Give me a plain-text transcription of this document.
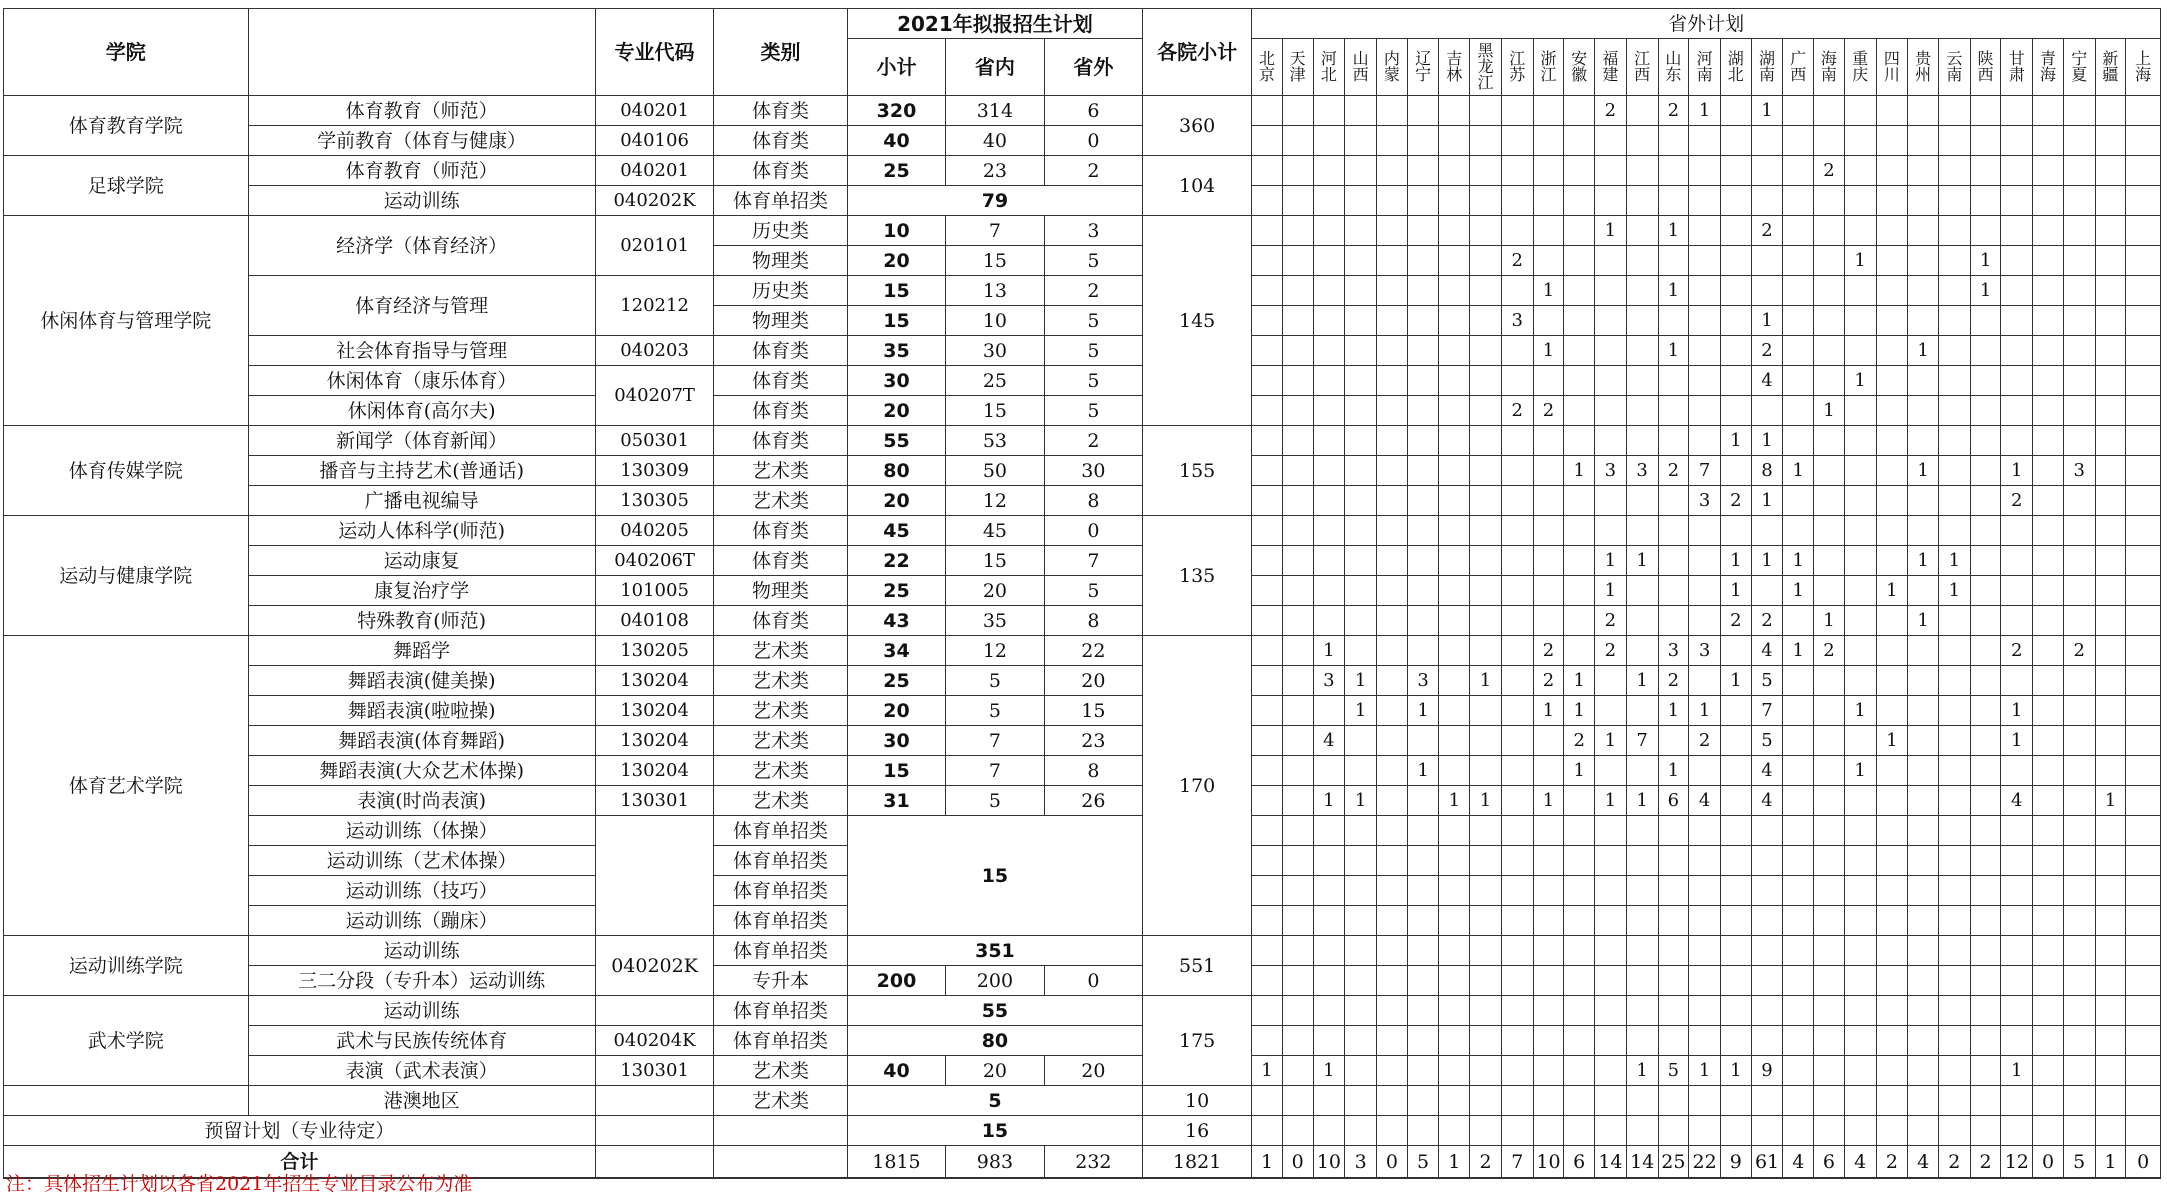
学院		专业代码	类别	2021年拟报招生计划			各院小计	省外计划																												
				小计	省内	省外		北京	天津	河北	山西	内蒙	辽宁	吉林	黑龙江	江苏	浙江	安徽	福建	江西	山东	河南	湖北	湖南	广西	海南	重庆	四川	贵州	云南	陕西	甘肃	青海	宁夏	新疆	上海
体育教育学院	体育教育（师范）	040201	体育类	320	314	6	360												2		2	1		1												
	学前教育（体育与健康）	040106	体育类	40	40	0																														
足球学院	体育教育（师范）	040201	体育类	25	23	2	104																			2										
	运动训练	040202K	体育单招类	79																																
休闲体育与管理学院	经济学（体育经济）	020101	历史类	10	7	3	145												1		1			2												
			物理类	20	15	5										2											1				1					
	体育经济与管理	120212	历史类	15	13	2											1				1										1					
			物理类	15	10	5										3								1												
	社会体育指导与管理	040203	体育类	35	30	5											1				1			2					1							
	休闲体育（康乐体育）	040207T	体育类	30	25	5																		4			1									
	休闲体育(高尔夫)		体育类	20	15	5										2	2									1										
体育传媒学院	新闻学（体育新闻）	050301	体育类	55	53	2	155																1	1												
	播音与主持艺术(普通话)	130309	艺术类	80	50	30												1	3	3	2	7		8	1				1			1		3		
	广播电视编导	130305	艺术类	20	12	8																3	2	1								2				
运动与健康学院	运动人体科学(师范)	040205	体育类	45	45	0	135																													
	运动康复	040206T	体育类	22	15	7													1	1			1	1	1				1	1						
	康复治疗学	101005	物理类	25	20	5													1				1		1			1		1						
	特殊教育(师范)	040108	体育类	43	35	8													2				2	2		1			1							
体育艺术学院	舞蹈学	130205	艺术类	34	12	22	170			1							2		2		3	3		4	1	2						2		2		
	舞蹈表演(健美操)	130204	艺术类	25	5	20				3	1		3		1		2	1		1	2		1	5												
	舞蹈表演(啦啦操)	130204	艺术类	20	5	15					1		1				1	1			1	1		7			1					1				
	舞蹈表演(体育舞蹈)	130204	艺术类	30	7	23				4								2	1	7		2		5				1				1				
	舞蹈表演(大众艺术体操)	130204	艺术类	15	7	8							1					1			1			4			1									
	表演(时尚表演)	130301	艺术类	31	5	26				1	1			1	1		1		1	1	6	4		4								4			1	
	运动训练（体操）		体育单招类	15																																
	运动训练（艺术体操）		体育单招类																																	
	运动训练（技巧）		体育单招类																																	
	运动训练（蹦床）		体育单招类																																	
运动训练学院	运动训练	040202K	体育单招类	351			551																													
	三二分段（专升本）运动训练		专升本	200	200	0																														
武术学院	运动训练		体育单招类	55			175																													
	武术与民族传统体育	040204K	体育单招类	80																																
	表演（武术表演）	130301	艺术类	40	20	20		1		1										1	5	1	1	9								1				
	港澳地区		艺术类	5			10																													
预留计划（专业待定）				15			16																													
合计				1815	983	232	1821	1	0	10	3	0	5	1	2	7	10	6	14	14	25	22	9	61	4	6	4	2	4	2	2	12	0	5	1	0
注：具体招生计划以各省2021年招生专业目录公布为准
